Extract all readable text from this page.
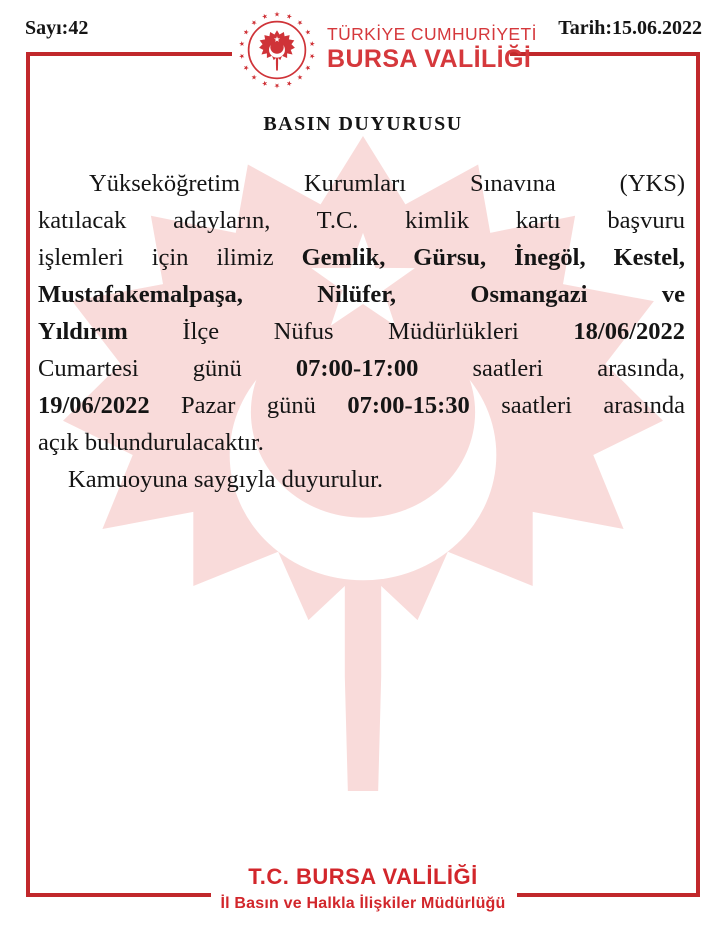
Sayı:42	Tarih:15.06.2022
TÜRKİYE CUMHURİYETİ
BURSA VALİLİĞİ
BASIN DUYURUSU
Yükseköğretim Kurumları Sınavına (YKS)
katılacak adayların, T.C. kimlik kartı başvuru
işlemleri için ilimiz Gemlik, Gürsu, İnegöl, Kestel,
Mustafakemalpaşa, Nilüfer, Osmangazi ve
Yıldırım İlçe Nüfus Müdürlükleri 18/06/2022
Cumartesi günü 07:00-17:00 saatleri arasında,
19/06/2022 Pazar günü 07:00-15:30 saatleri arasında
açık bulundurulacaktır.
Kamuoyuna saygıyla duyurulur.
T.C. BURSA VALİLİĞİ
İl Basın ve Halkla İlişkiler Müdürlüğü
